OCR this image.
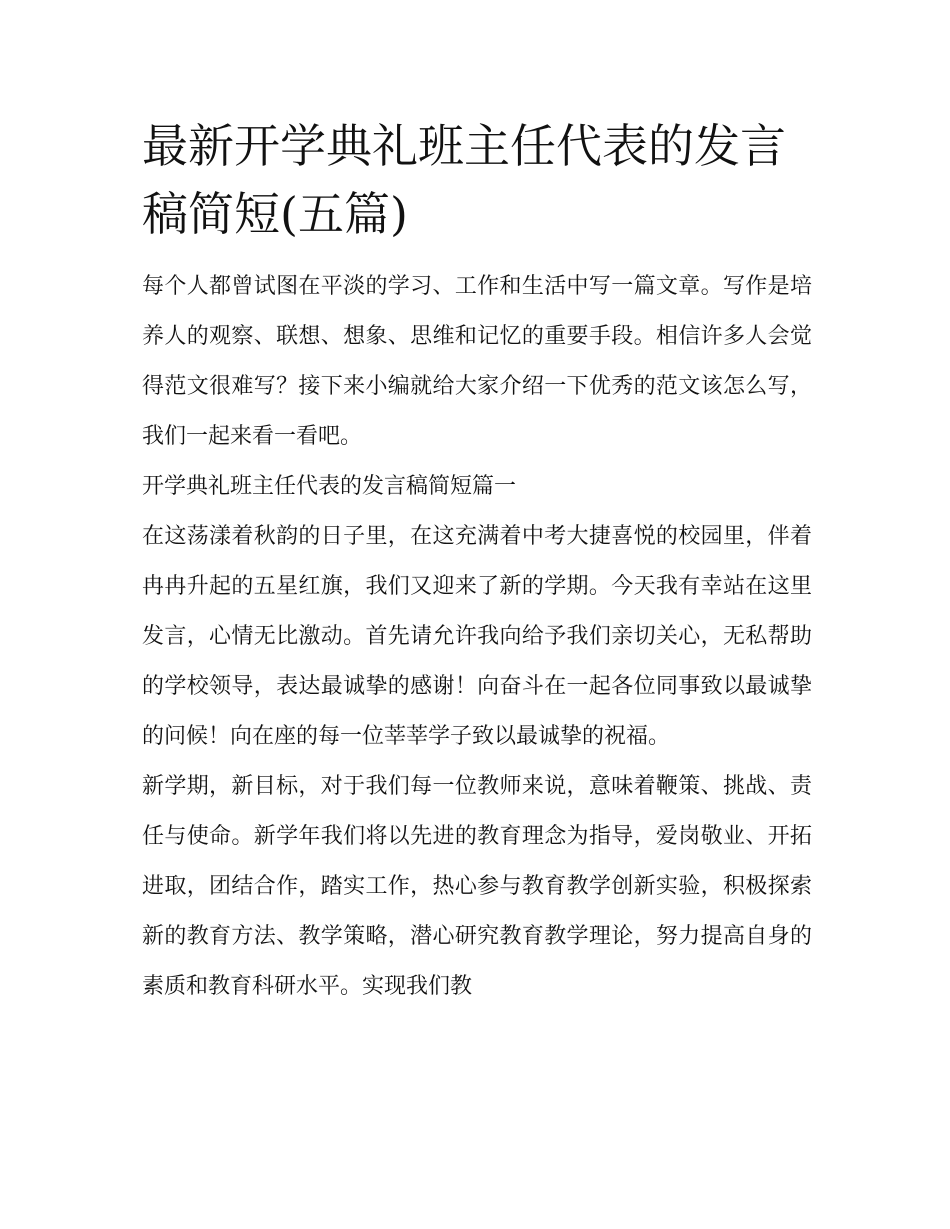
最新开学典礼班主任代表的发言稿简短(五篇)

每个人都曾试图在平淡的学习、工作和生活中写一篇文章。写作是培养人的观察、联想、想象、思维和记忆的重要手段。相信许多人会觉得范文很难写？接下来小编就给大家介绍一下优秀的范文该怎么写，我们一起来看一看吧。

开学典礼班主任代表的发言稿简短篇一

在这荡漾着秋韵的日子里，在这充满着中考大捷喜悦的校园里，伴着冉冉升起的五星红旗，我们又迎来了新的学期。今天我有幸站在这里发言，心情无比激动。首先请允许我向给予我们亲切关心，无私帮助的学校领导，表达最诚挚的感谢！向奋斗在一起各位同事致以最诚挚的问候！向在座的每一位莘莘学子致以最诚挚的祝福。

新学期，新目标，对于我们每一位教师来说，意味着鞭策、挑战、责任与使命。新学年我们将以先进的教育理念为指导，爱岗敬业、开拓进取，团结合作，踏实工作，热心参与教育教学创新实验，积极探索新的教育方法、教学策略，潜心研究教育教学理论，努力提高自身的素质和教育科研水平。实现我们教
